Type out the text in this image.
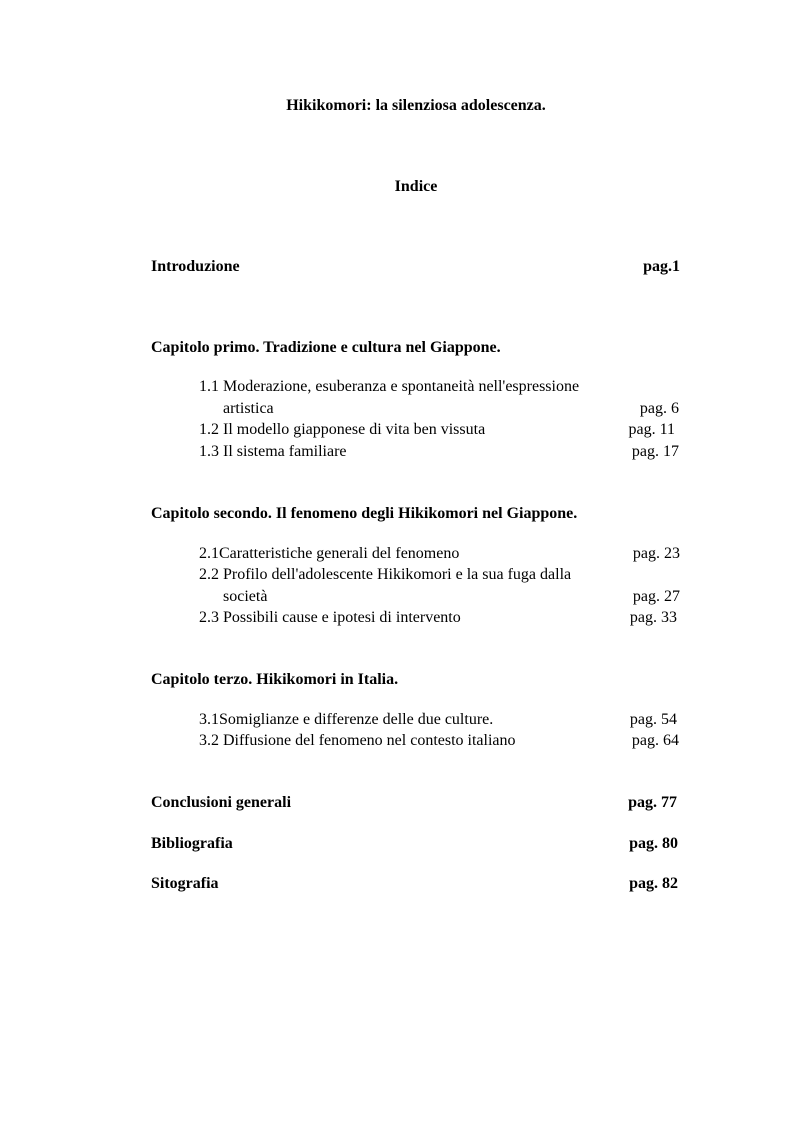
Hikikomori: la silenziosa adolescenza.
Indice
Introduzione	pag.1
Capitolo primo. Tradizione e cultura nel Giappone.
1.1 Moderazione, esuberanza e spontaneità nell'espressione
artistica	pag. 6
1.2 Il modello giapponese di vita ben vissuta	pag. 11
1.3 Il sistema familiare	pag. 17
Capitolo secondo. Il fenomeno degli Hikikomori nel Giappone.
2.1Caratteristiche generali del fenomeno	pag. 23
2.2 Profilo dell'adolescente Hikikomori e la sua fuga dalla
società	pag. 27
2.3 Possibili cause e ipotesi di intervento	pag. 33
Capitolo terzo. Hikikomori in Italia.
3.1Somiglianze e differenze delle due culture.	pag. 54
3.2 Diffusione del fenomeno nel contesto italiano	pag. 64
Conclusioni generali	pag. 77
Bibliografia	pag. 80
Sitografia	pag. 82
